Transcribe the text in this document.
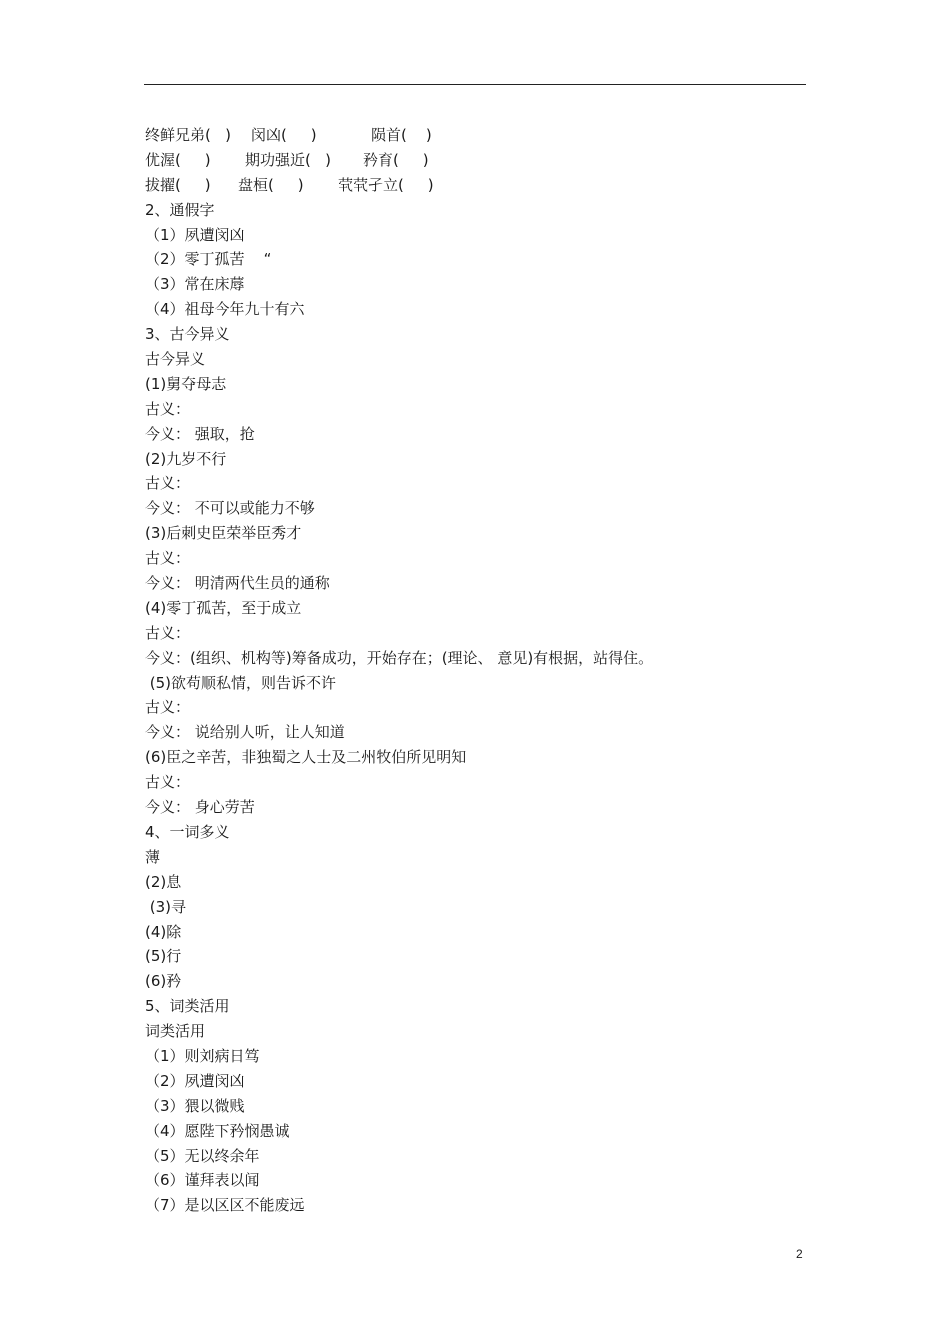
终鲜兄弟(   )	闵凶(     )	陨首(    )
优渥(     )	期功强近(   )	矜育(     )
拔擢(     )	盘桓(     )	茕茕孑立(     )
2、通假字
（1）夙遭闵凶
（2）零丁孤苦    “
（3）常在床蓐
（4）祖母今年九十有六
3、古今异义
古今异义
(1)舅夺母志
古义：
今义： 强取，抢
(2)九岁不行
古义：
今义： 不可以或能力不够
(3)后刺史臣荣举臣秀才
古义：
今义： 明清两代生员的通称
(4)零丁孤苦，至于成立
古义：
今义：(组织、机构等)筹备成功，开始存在；(理论、 意见)有根据，站得住。
(5)欲苟顺私情，则告诉不许
古义：
今义： 说给别人听，让人知道
(6)臣之辛苦，非独蜀之人士及二州牧伯所见明知
古义：
今义： 身心劳苦
4、一词多义
薄
(2)息
(3)寻
(4)除
(5)行
(6)矜
5、词类活用
词类活用
（1）则刘病日笃
（2）夙遭闵凶
（3）猥以微贱
（4）愿陛下矜悯愚诚
（5）无以终余年
（6）谨拜表以闻
（7）是以区区不能废远
2
